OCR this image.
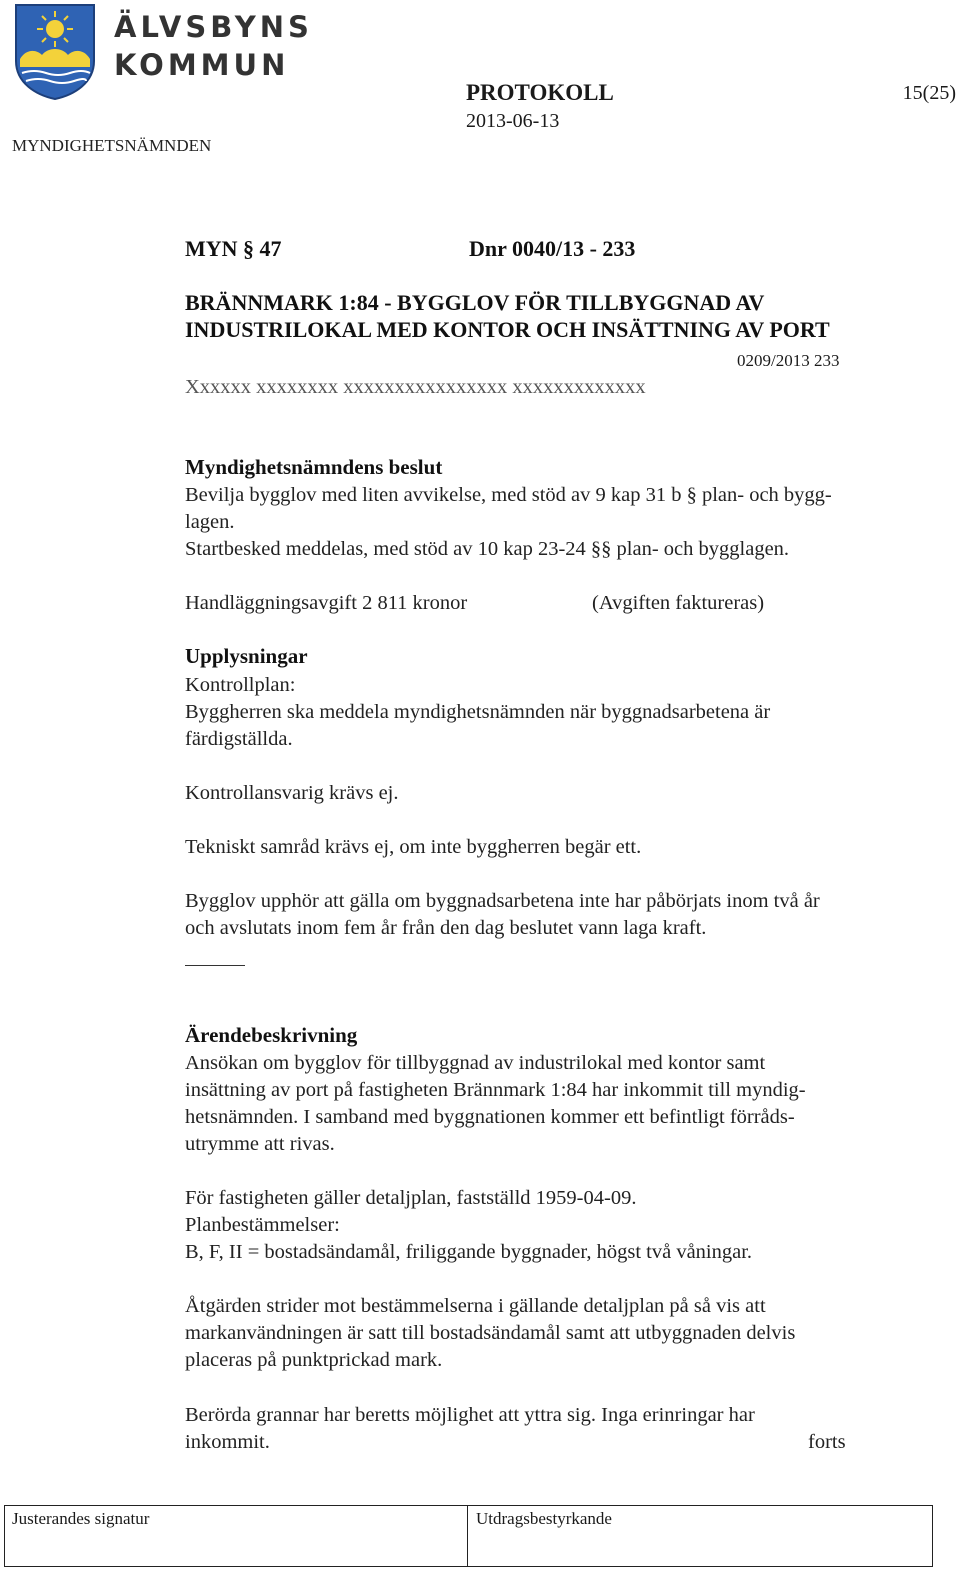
ÄLVSBYNS
KOMMUN
MYNDIGHETSNÄMNDEN
PROTOKOLL
2013-06-13
15(25)
MYN § 47	Dnr 0040/13 - 233
BRÄNNMARK 1:84 - BYGGLOV FÖR TILLBYGGNAD AV
INDUSTRILOKAL MED KONTOR OCH INSÄTTNING AV PORT
0209/2013 233
Xxxxxx xxxxxxxx xxxxxxxxxxxxxxxx xxxxxxxxxxxxx
Myndighetsnämndens beslut
Bevilja bygglov med liten avvikelse, med stöd av 9 kap 31 b § plan- och bygg-
lagen.
Startbesked meddelas, med stöd av 10 kap 23-24 §§ plan- och bygglagen.
Handläggningsavgift 2 811 kronor	(Avgiften faktureras)
Upplysningar
Kontrollplan:
Byggherren ska meddela myndighetsnämnden när byggnadsarbetena är
färdigställda.
Kontrollansvarig krävs ej.
Tekniskt samråd krävs ej, om inte byggherren begär ett.
Bygglov upphör att gälla om byggnadsarbetena inte har påbörjats inom två år
och avslutats inom fem år från den dag beslutet vann laga kraft.
Ärendebeskrivning
Ansökan om bygglov för tillbyggnad av industrilokal med kontor samt
insättning av port på fastigheten Brännmark 1:84 har inkommit till myndig-
hetsnämnden. I samband med byggnationen kommer ett befintligt förråds-
utrymme att rivas.
För fastigheten gäller detaljplan, fastställd 1959-04-09.
Planbestämmelser:
B, F, II = bostadsändamål, friliggande byggnader, högst två våningar.
Åtgärden strider mot bestämmelserna i gällande detaljplan på så vis att
markanvändningen är satt till bostadsändamål samt att utbyggnaden delvis
placeras på punktprickad mark.
Berörda grannar har beretts möjlighet att yttra sig. Inga erinringar har
inkommit.	forts
Justerandes signatur	Utdragsbestyrkande
